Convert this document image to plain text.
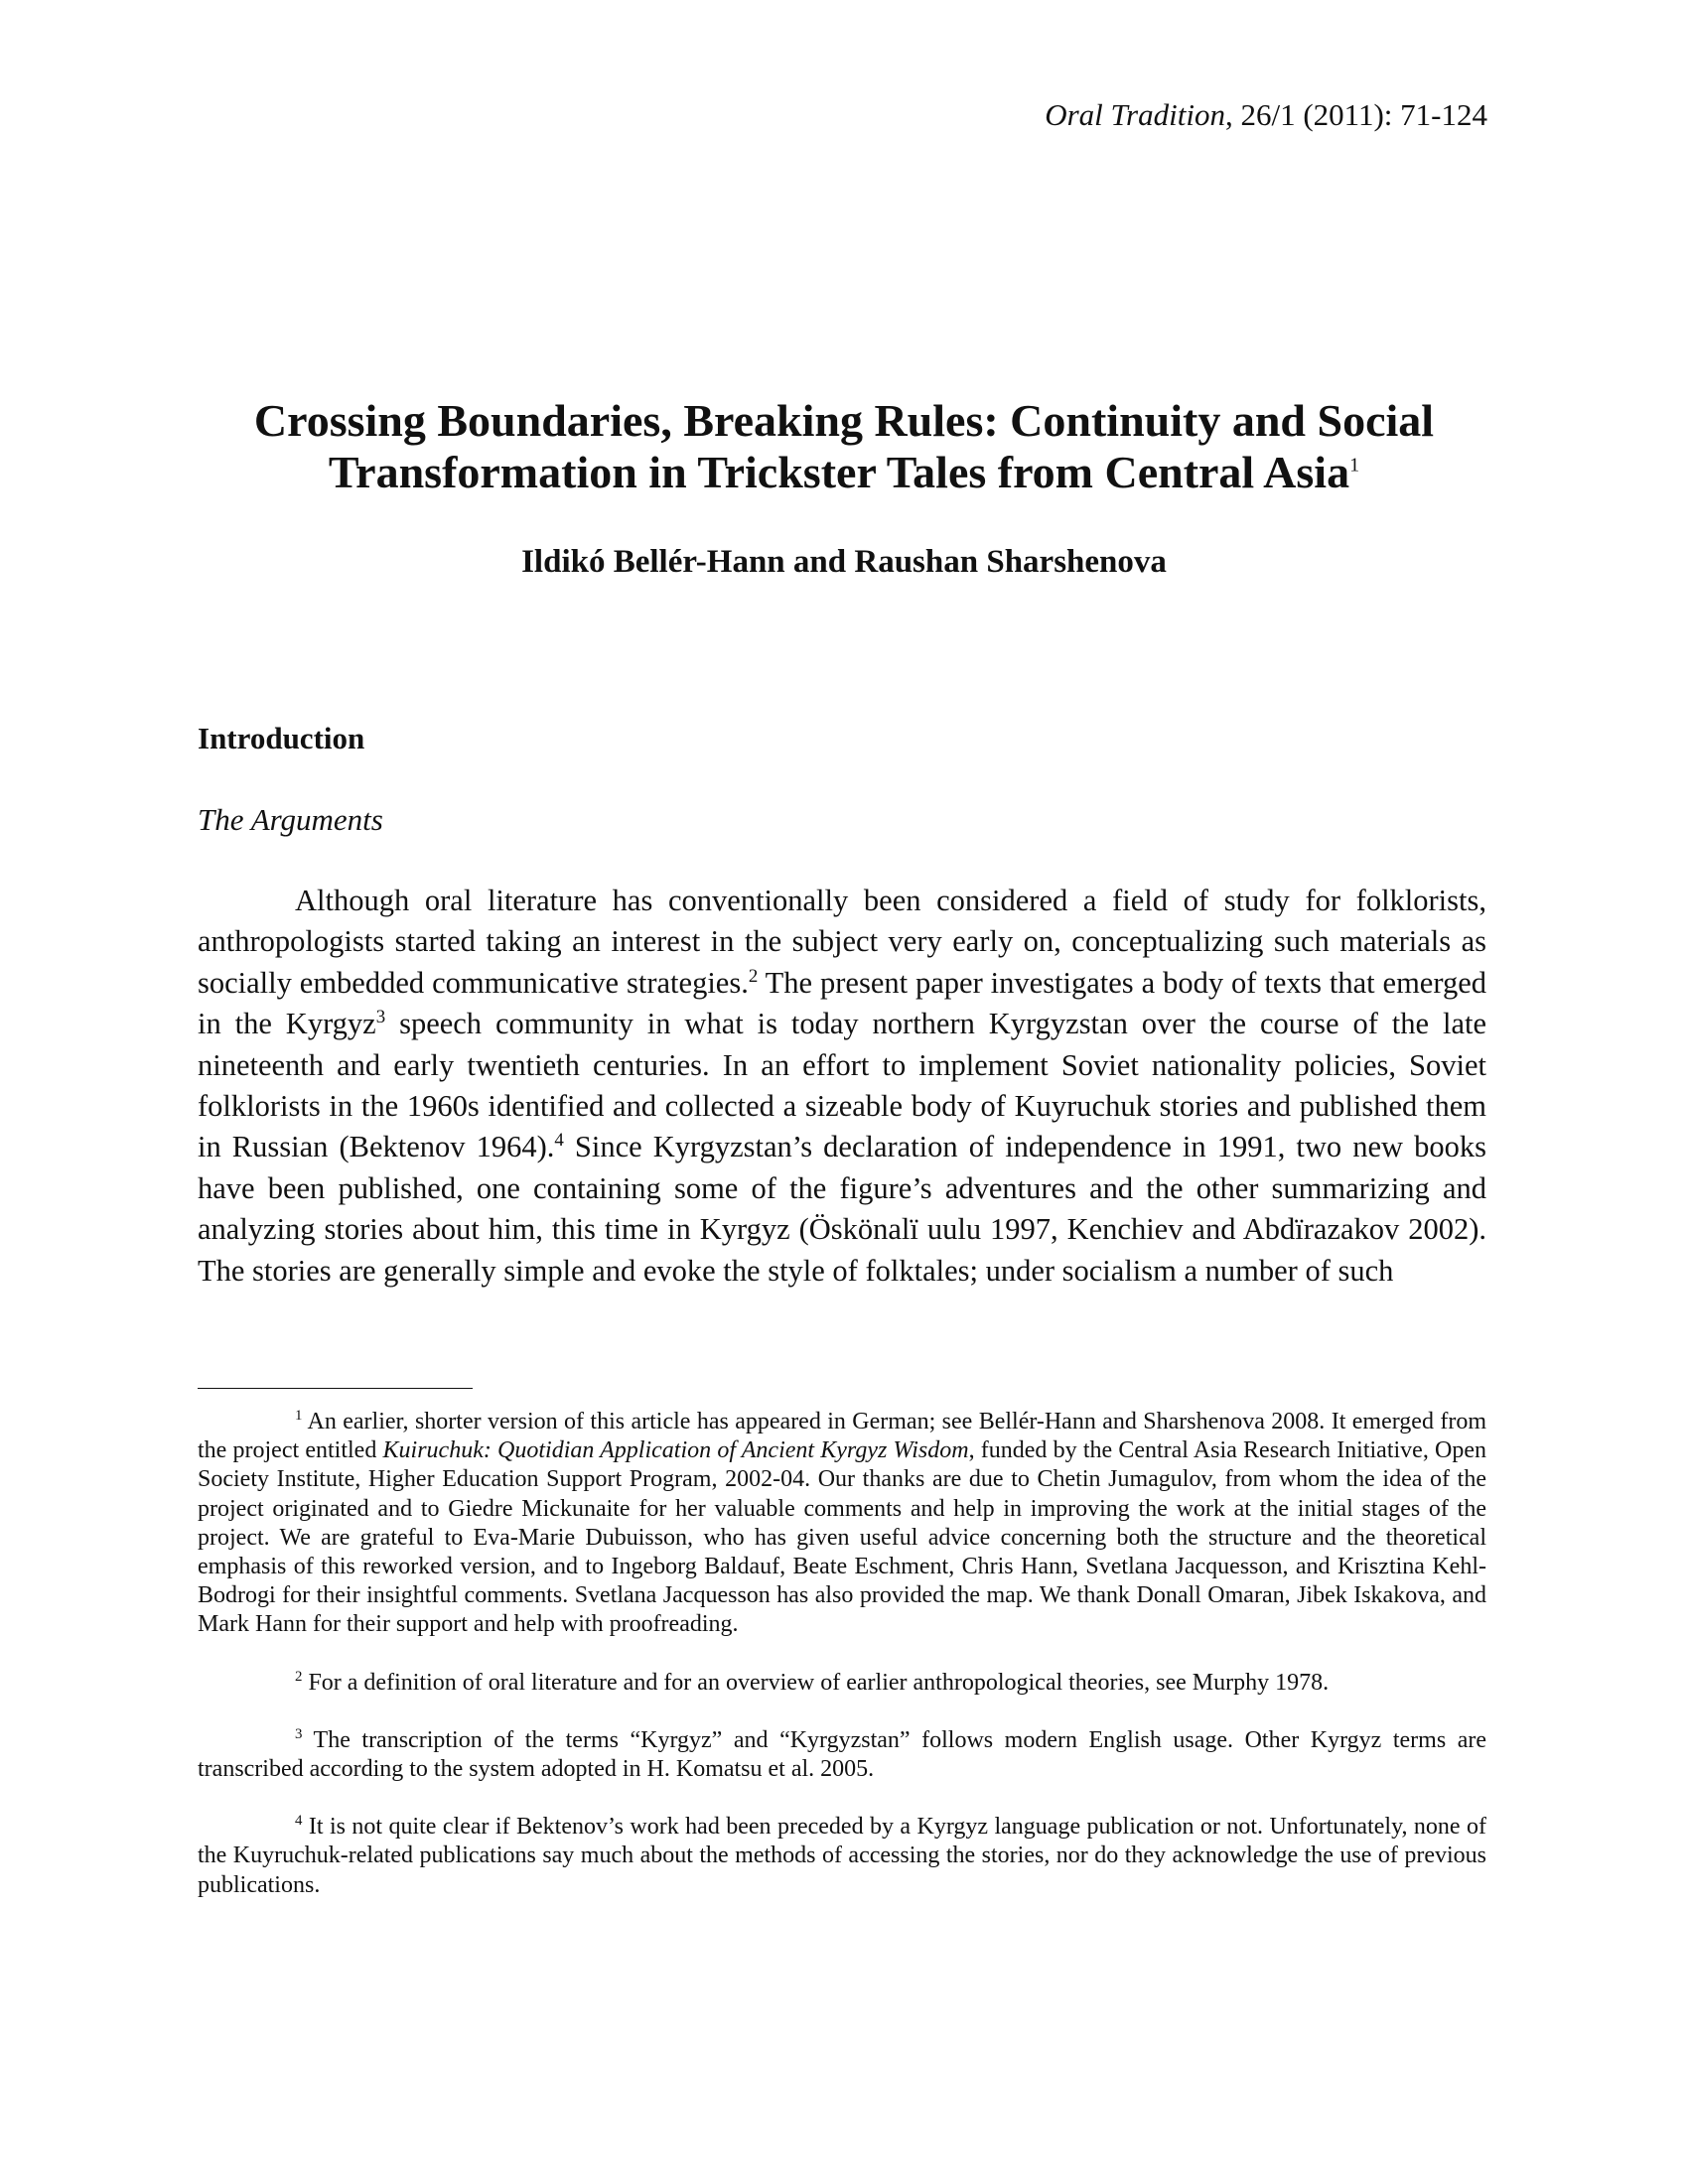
Oral Tradition, 26/1 (2011): 71-124
Crossing Boundaries, Breaking Rules: Continuity and Social
Transformation in Trickster Tales from Central Asia$^1$
Ildikó Bellér-Hann and Raushan Sharshenova
Introduction
The Arguments

Although oral literature has conventionally been considered a field of study for folklorists, anthropologists started taking an interest in the subject very early on, conceptualizing such materials as socially embedded communicative strategies.$^2$ The present paper investigates a body of texts that emerged in the Kyrgyz$^3$ speech community in what is today northern Kyrgyzstan over the course of the late nineteenth and early twentieth centuries. In an effort to implement Soviet nationality policies, Soviet folklorists in the 1960s identified and collected a sizeable body of Kuyruchuk stories and published them in Russian (Bektenov 1964).$^4$ Since Kyrgyzstan’s declaration of independence in 1991, two new books have been published, one containing some of the figure’s adventures and the other summarizing and analyzing stories about him, this time in Kyrgyz (Öskönalï uulu 1997, Kenchiev and Abdïrazakov 2002). The stories are generally simple and evoke the style of folktales; under socialism a number of such

$^1$ An earlier, shorter version of this article has appeared in German; see Bellér-Hann and Sharshenova 2008. It emerged from the project entitled Kuiruchuk: Quotidian Application of Ancient Kyrgyz Wisdom, funded by the Central Asia Research Initiative, Open Society Institute, Higher Education Support Program, 2002-04. Our thanks are due to Chetin Jumagulov, from whom the idea of the project originated and to Giedre Mickunaite for her valuable comments and help in improving the work at the initial stages of the project. We are grateful to Eva-Marie Dubuisson, who has given useful advice concerning both the structure and the theoretical emphasis of this reworked version, and to Ingeborg Baldauf, Beate Eschment, Chris Hann, Svetlana Jacquesson, and Krisztina Kehl-Bodrogi for their insightful comments. Svetlana Jacquesson has also provided the map. We thank Donall Omaran, Jibek Iskakova, and Mark Hann for their support and help with proofreading.

$^2$ For a definition of oral literature and for an overview of earlier anthropological theories, see Murphy 1978.

$^3$ The transcription of the terms “Kyrgyz” and “Kyrgyzstan” follows modern English usage. Other Kyrgyz terms are transcribed according to the system adopted in H. Komatsu et al. 2005.

$^4$ It is not quite clear if Bektenov’s work had been preceded by a Kyrgyz language publication or not. Unfortunately, none of the Kuyruchuk-related publications say much about the methods of accessing the stories, nor do they acknowledge the use of previous publications.
